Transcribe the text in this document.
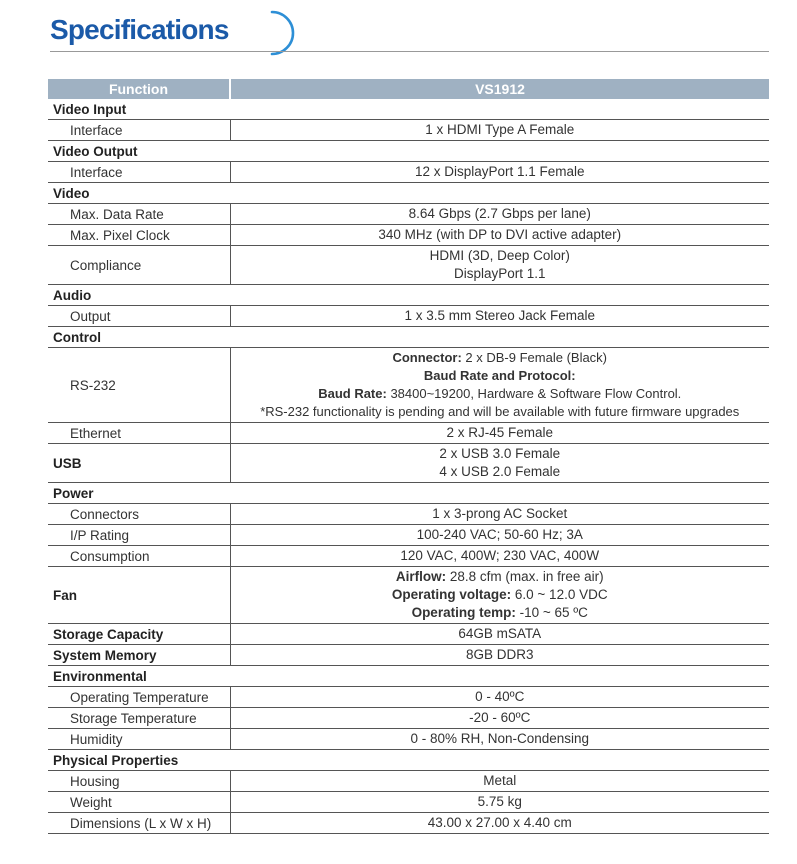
Specifications
Function	VS1912
Video Input	
Interface	1 x HDMI Type A Female
Video Output	
Interface	12 x DisplayPort 1.1 Female
Video	
Max. Data Rate	8.64 Gbps (2.7 Gbps per lane)
Max. Pixel Clock	340 MHz (with DP to DVI active adapter)
Compliance	HDMI (3D, Deep Color)
DisplayPort 1.1

Audio	
Output	1 x 3.5 mm Stereo Jack Female
Control	
RS-232	Connector: 2 x DB-9 Female (Black)
Baud Rate and Protocol:
Baud Rate: 38400~19200, Hardware & Software Flow Control.
*RS-232 functionality is pending and will be available with future firmware upgrades

Ethernet	2 x RJ-45 Female
USB	2 x USB 3.0 Female
4 x USB 2.0 Female

Power	
Connectors	1 x 3-prong AC Socket
I/P Rating	100-240 VAC; 50-60 Hz; 3A
Consumption	120 VAC, 400W; 230 VAC, 400W
Fan	Airflow: 28.8 cfm (max. in free air)
Operating voltage: 6.0 ~ 12.0 VDC
Operating temp: -10 ~ 65 ºC

Storage Capacity	64GB mSATA
System Memory	8GB DDR3
Environmental	
Operating Temperature	0 - 40ºC
Storage Temperature	-20 - 60ºC
Humidity	0 - 80% RH, Non-Condensing
Physical Properties	
Housing	Metal
Weight	5.75 kg
Dimensions (L x W x H)	43.00 x 27.00 x 4.40 cm
